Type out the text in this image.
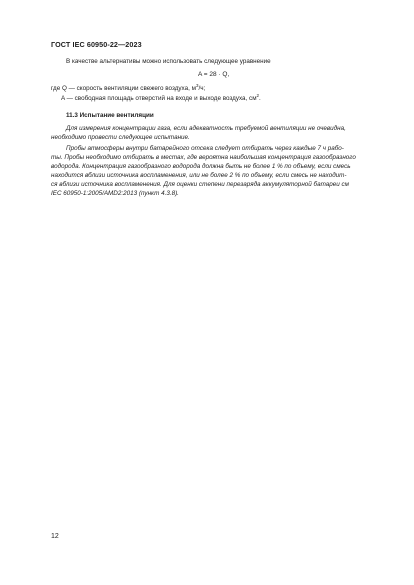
ГОСТ IEC 60950-22—2023
В качестве альтернативы можно использовать следующее уравнение
A = 28 · Q,
где Q — скорость вентиляции свежего воздуха, $м^3/ч$;
A — свободная площадь отверстий на входе и выходе воздуха, $см^2$.
11.3 Испытание вентиляции
Для измерения концентрации газа, если адекватность требуемой вентиляции не очевидна,
необходимо провести следующее испытание.
Пробы атмосферы внутри батарейного отсека следует отбирать через каждые 7 ч рабо-
ты. Пробы необходимо отбирать в местах, где вероятна наибольшая концентрация газообразного
водорода. Концентрация газообразного водорода должна быть не более 1 % по объему, если смесь
находится вблизи источника воспламенения, или не более 2 % по объему, если смесь не находит-
ся вблизи источника воспламенения. Для оценки степени перезаряда аккумуляторной батареи см
IEC 60950-1:2005/AMD2:2013 (пункт 4.3.8).
12
